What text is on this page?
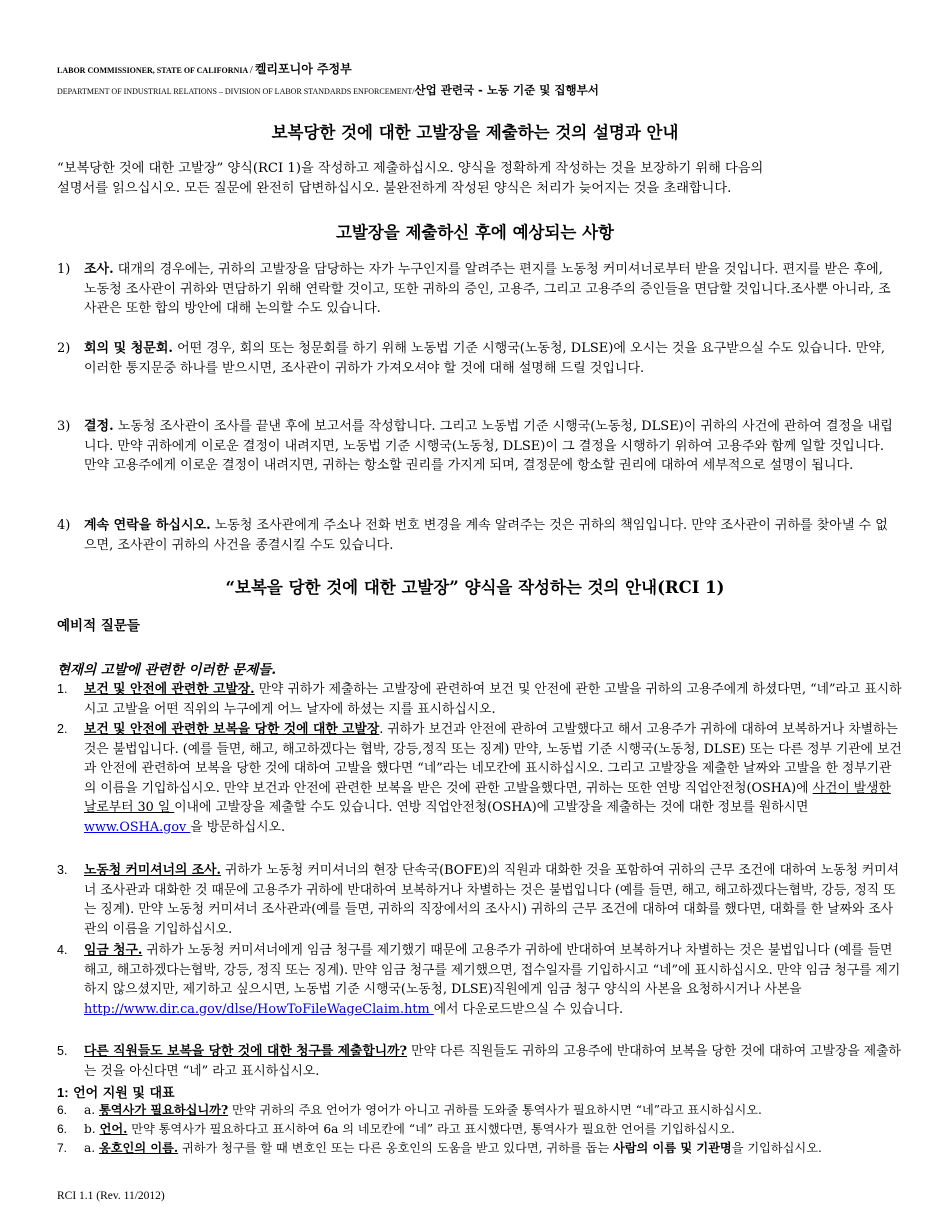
LABOR COMMISSIONER, STATE OF CALIFORNIA / 켈리포니아 주정부
DEPARTMENT OF INDUSTRIAL RELATIONS – DIVISION OF LABOR STANDARDS ENFORCEMENT/산업 관련국 - 노동 기준 및 집행부서
보복당한 것에 대한 고발장을 제출하는 것의 설명과 안내
“보복당한 것에 대한 고발장” 양식(RCI 1)을 작성하고 제출하십시오. 양식을 정확하게 작성하는 것을 보장하기 위해 다음의
설명서를 읽으십시오. 모든 질문에 완전히 답변하십시오. 불완전하게 작성된 양식은 처리가 늦어지는 것을 초래합니다.
고발장을 제출하신 후에 예상되는 사항
1) 조사. 대개의 경우에는, 귀하의 고발장을 담당하는 자가 누구인지를 알려주는 편지를 노동청 커미셔너로부터 받을 것입니다. 편지를 받은 후에, 노동청 조사관이 귀하와 면담하기 위해 연락할 것이고, 또한 귀하의 증인, 고용주, 그리고 고용주의 증인들을 면담할 것입니다.조사뿐 아니라, 조사관은 또한 합의 방안에 대해 논의할 수도 있습니다.
2) 회의 및 청문회. 어떤 경우, 회의 또는 청문회를 하기 위해 노동법 기준 시행국(노동청, DLSE)에 오시는 것을 요구받으실 수도 있습니다. 만약, 이러한 통지문중 하나를 받으시면, 조사관이 귀하가 가져오셔야 할 것에 대해 설명해 드릴 것입니다.
3) 결정. 노동청 조사관이 조사를 끝낸 후에 보고서를 작성합니다. 그리고 노동법 기준 시행국(노동청, DLSE)이 귀하의 사건에 관하여 결정을 내립니다. 만약 귀하에게 이로운 결정이 내려지면, 노동법 기준 시행국(노동청, DLSE)이 그 결정을 시행하기 위하여 고용주와 함께 일할 것입니다. 만약 고용주에게 이로운 결정이 내려지면, 귀하는 항소할 권리를 가지게 되며, 결정문에 항소할 권리에 대하여 세부적으로 설명이 됩니다.
4) 계속 연락을 하십시오. 노동청 조사관에게 주소나 전화 번호 변경을 계속 알려주는 것은 귀하의 책임입니다. 만약 조사관이 귀하를 찾아낼 수 없으면, 조사관이 귀하의 사건을 종결시킬 수도 있습니다.
“보복을 당한 것에 대한 고발장” 양식을 작성하는 것의 안내(RCI 1)
예비적 질문들
현재의 고발에 관련한 이러한 문제들.
1. 보건 및 안전에 관련한 고발장. 만약 귀하가 제출하는 고발장에 관련하여 보건 및 안전에 관한 고발을 귀하의 고용주에게 하셨다면, “네”라고 표시하시고 고발을 어떤 직위의 누구에게 어느 날자에 하셨는 지를 표시하십시오.
2. 보건 및 안전에 관련한 보복을 당한 것에 대한 고발장. 귀하가 보건과 안전에 관하여 고발했다고 해서 고용주가 귀하에 대하여 보복하거나 차별하는 것은 불법입니다. (예를 들면, 해고, 해고하겠다는 협박, 강등,정직 또는 징계) 만약, 노동법 기준 시행국(노동청, DLSE) 또는 다른 정부 기관에 보건과 안전에 관련하여 보복을 당한 것에 대하여 고발을 했다면 “네”라는 네모칸에 표시하십시오. 그리고 고발장을 제출한 날짜와 고발을 한 정부기관의 이름을 기입하십시오. 만약 보건과 안전에 관련한 보복을 받은 것에 관한 고발을했다면, 귀하는 또한 연방 직업안전청(OSHA)에 사건이 발생한 날로부터 30 일 이내에 고발장을 제출할 수도 있습니다. 연방 직업안전청(OSHA)에 고발장을 제출하는 것에 대한 정보를 원하시면 www.OSHA.gov 을 방문하십시오.
3. 노동청 커미셔너의 조사. 귀하가 노동청 커미셔너의 현장 단속국(BOFE)의 직원과 대화한 것을 포함하여 귀하의 근무 조건에 대하여 노동청 커미셔너 조사관과 대화한 것 때문에 고용주가 귀하에 반대하여 보복하거나 차별하는 것은 불법입니다 (예를 들면, 해고, 해고하겠다는협박, 강등, 정직 또는 징계). 만약 노동청 커미셔너 조사관과(예를 들면, 귀하의 직장에서의 조사시) 귀하의 근무 조건에 대하여 대화를 했다면, 대화를 한 날짜와 조사관의 이름을 기입하십시오.
4. 임금 청구. 귀하가 노동청 커미셔너에게 임금 청구를 제기했기 때문에 고용주가 귀하에 반대하여 보복하거나 차별하는 것은 불법입니다 (예를 들면해고, 해고하겠다는협박, 강등, 정직 또는 징계). 만약 임금 청구를 제기했으면, 접수일자를 기입하시고 “네”에 표시하십시오. 만약 임금 청구를 제기하지 않으셨지만, 제기하고 싶으시면, 노동법 기준 시행국(노동청, DLSE)직원에게 임금 청구 양식의 사본을 요청하시거나 사본을 http://www.dir.ca.gov/dlse/HowToFileWageClaim.htm 에서 다운로드받으실 수 있습니다.
5. 다른 직원들도 보복을 당한 것에 대한 청구를 제출합니까? 만약 다른 직원들도 귀하의 고용주에 반대하여 보복을 당한 것에 대하여 고발장을 제출하는 것을 아신다면 “네” 라고 표시하십시오.
1: 언어 지원 및 대표
6. a. 통역사가 필요하십니까? 만약 귀하의 주요 언어가 영어가 아니고 귀하를 도와줄 통역사가 필요하시면 “네”라고 표시하십시오.
6. b. 언어. 만약 통역사가 필요하다고 표시하여 6a 의 네모칸에 “네” 라고 표시했다면, 통역사가 필요한 언어를 기입하십시오.
7. a. 옹호인의 이름. 귀하가 청구를 할 때 변호인 또는 다른 옹호인의 도움을 받고 있다면, 귀하를 돕는 사람의 이름 및 기관명을 기입하십시오.
RCI 1.1 (Rev. 11/2012)
